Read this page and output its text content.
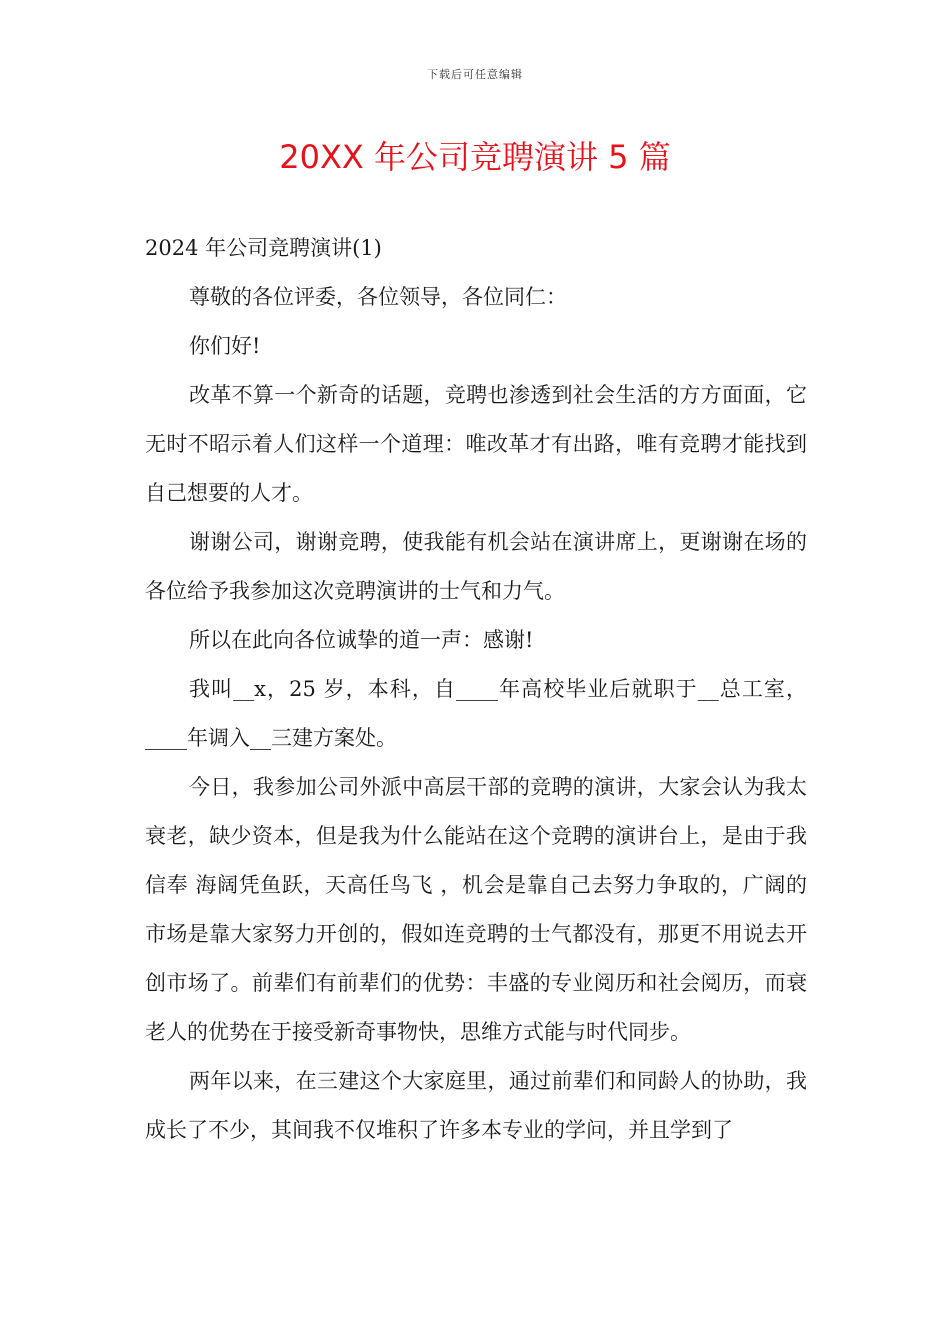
下载后可任意编辑
20XX 年公司竞聘演讲 5 篇

2024 年公司竞聘演讲(1)

尊敬的各位评委，各位领导，各位同仁：

你们好!

改革不算一个新奇的话题，竞聘也渗透到社会生活的方方面面，它无时不昭示着人们这样一个道理：唯改革才有出路，唯有竞聘才能找到自己想要的人才。

谢谢公司，谢谢竞聘，使我能有机会站在演讲席上，更谢谢在场的各位给予我参加这次竞聘演讲的士气和力气。

所以在此向各位诚挚的道一声：感谢!

我叫__x，25 岁，本科，自____年高校毕业后就职于__总工室，____年调入__三建方案处。

今日，我参加公司外派中高层干部的竞聘的演讲，大家会认为我太衰老，缺少资本，但是我为什么能站在这个竞聘的演讲台上，是由于我信奉 海阔凭鱼跃，天高任鸟飞 ，机会是靠自己去努力争取的，广阔的市场是靠大家努力开创的，假如连竞聘的士气都没有，那更不用说去开创市场了。前辈们有前辈们的优势：丰盛的专业阅历和社会阅历，而衰老人的优势在于接受新奇事物快，思维方式能与时代同步。

两年以来，在三建这个大家庭里，通过前辈们和同龄人的协助，我成长了不少，其间我不仅堆积了许多本专业的学问，并且学到了
